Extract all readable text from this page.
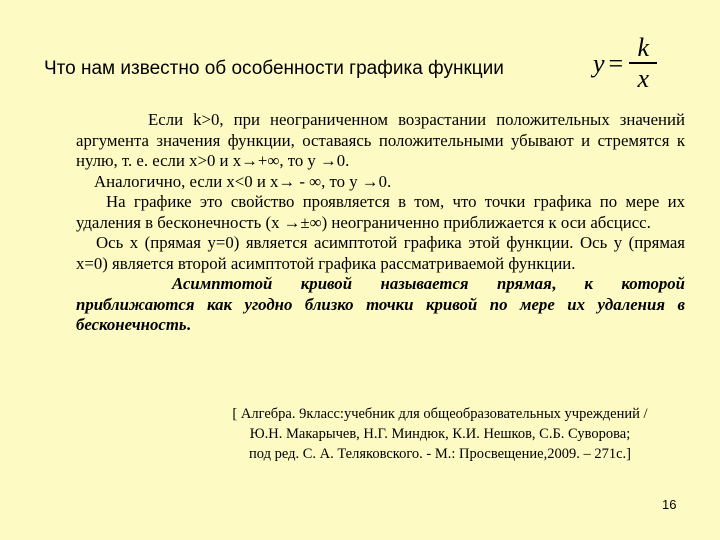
Что нам известно об особенности графика функции	$y = \frac{k}{x}$

Если k>0, при неограниченном возрастании положительных значений аргумента значения функции, оставаясь положительными убывают и стремятся к нулю, т. е. если x>0 и x→+∞, то y →0.

Аналогично, если x<0 и x→ - ∞, то y →0.

На графике это свойство проявляется в том, что точки графика по мере их удаления в бесконечность (x →±∞) неограниченно приближается к оси абсцисс.

Ось x (прямая y=0) является асимптотой графика этой функции. Ось y (прямая x=0) является второй асимптотой графика рассматриваемой функции.

Асимптотой кривой называется прямая, к которой приближаются как угодно близко точки кривой по мере их удаления в бесконечность.

[ Алгебра. 9класс:учебник для общеобразовательных учреждений /
Ю.Н. Макарычев, Н.Г. Миндюк, К.И. Нешков, С.Б. Суворова;
под ред. С. А. Теляковского. - М.: Просвещение,2009. – 271с.]
16
